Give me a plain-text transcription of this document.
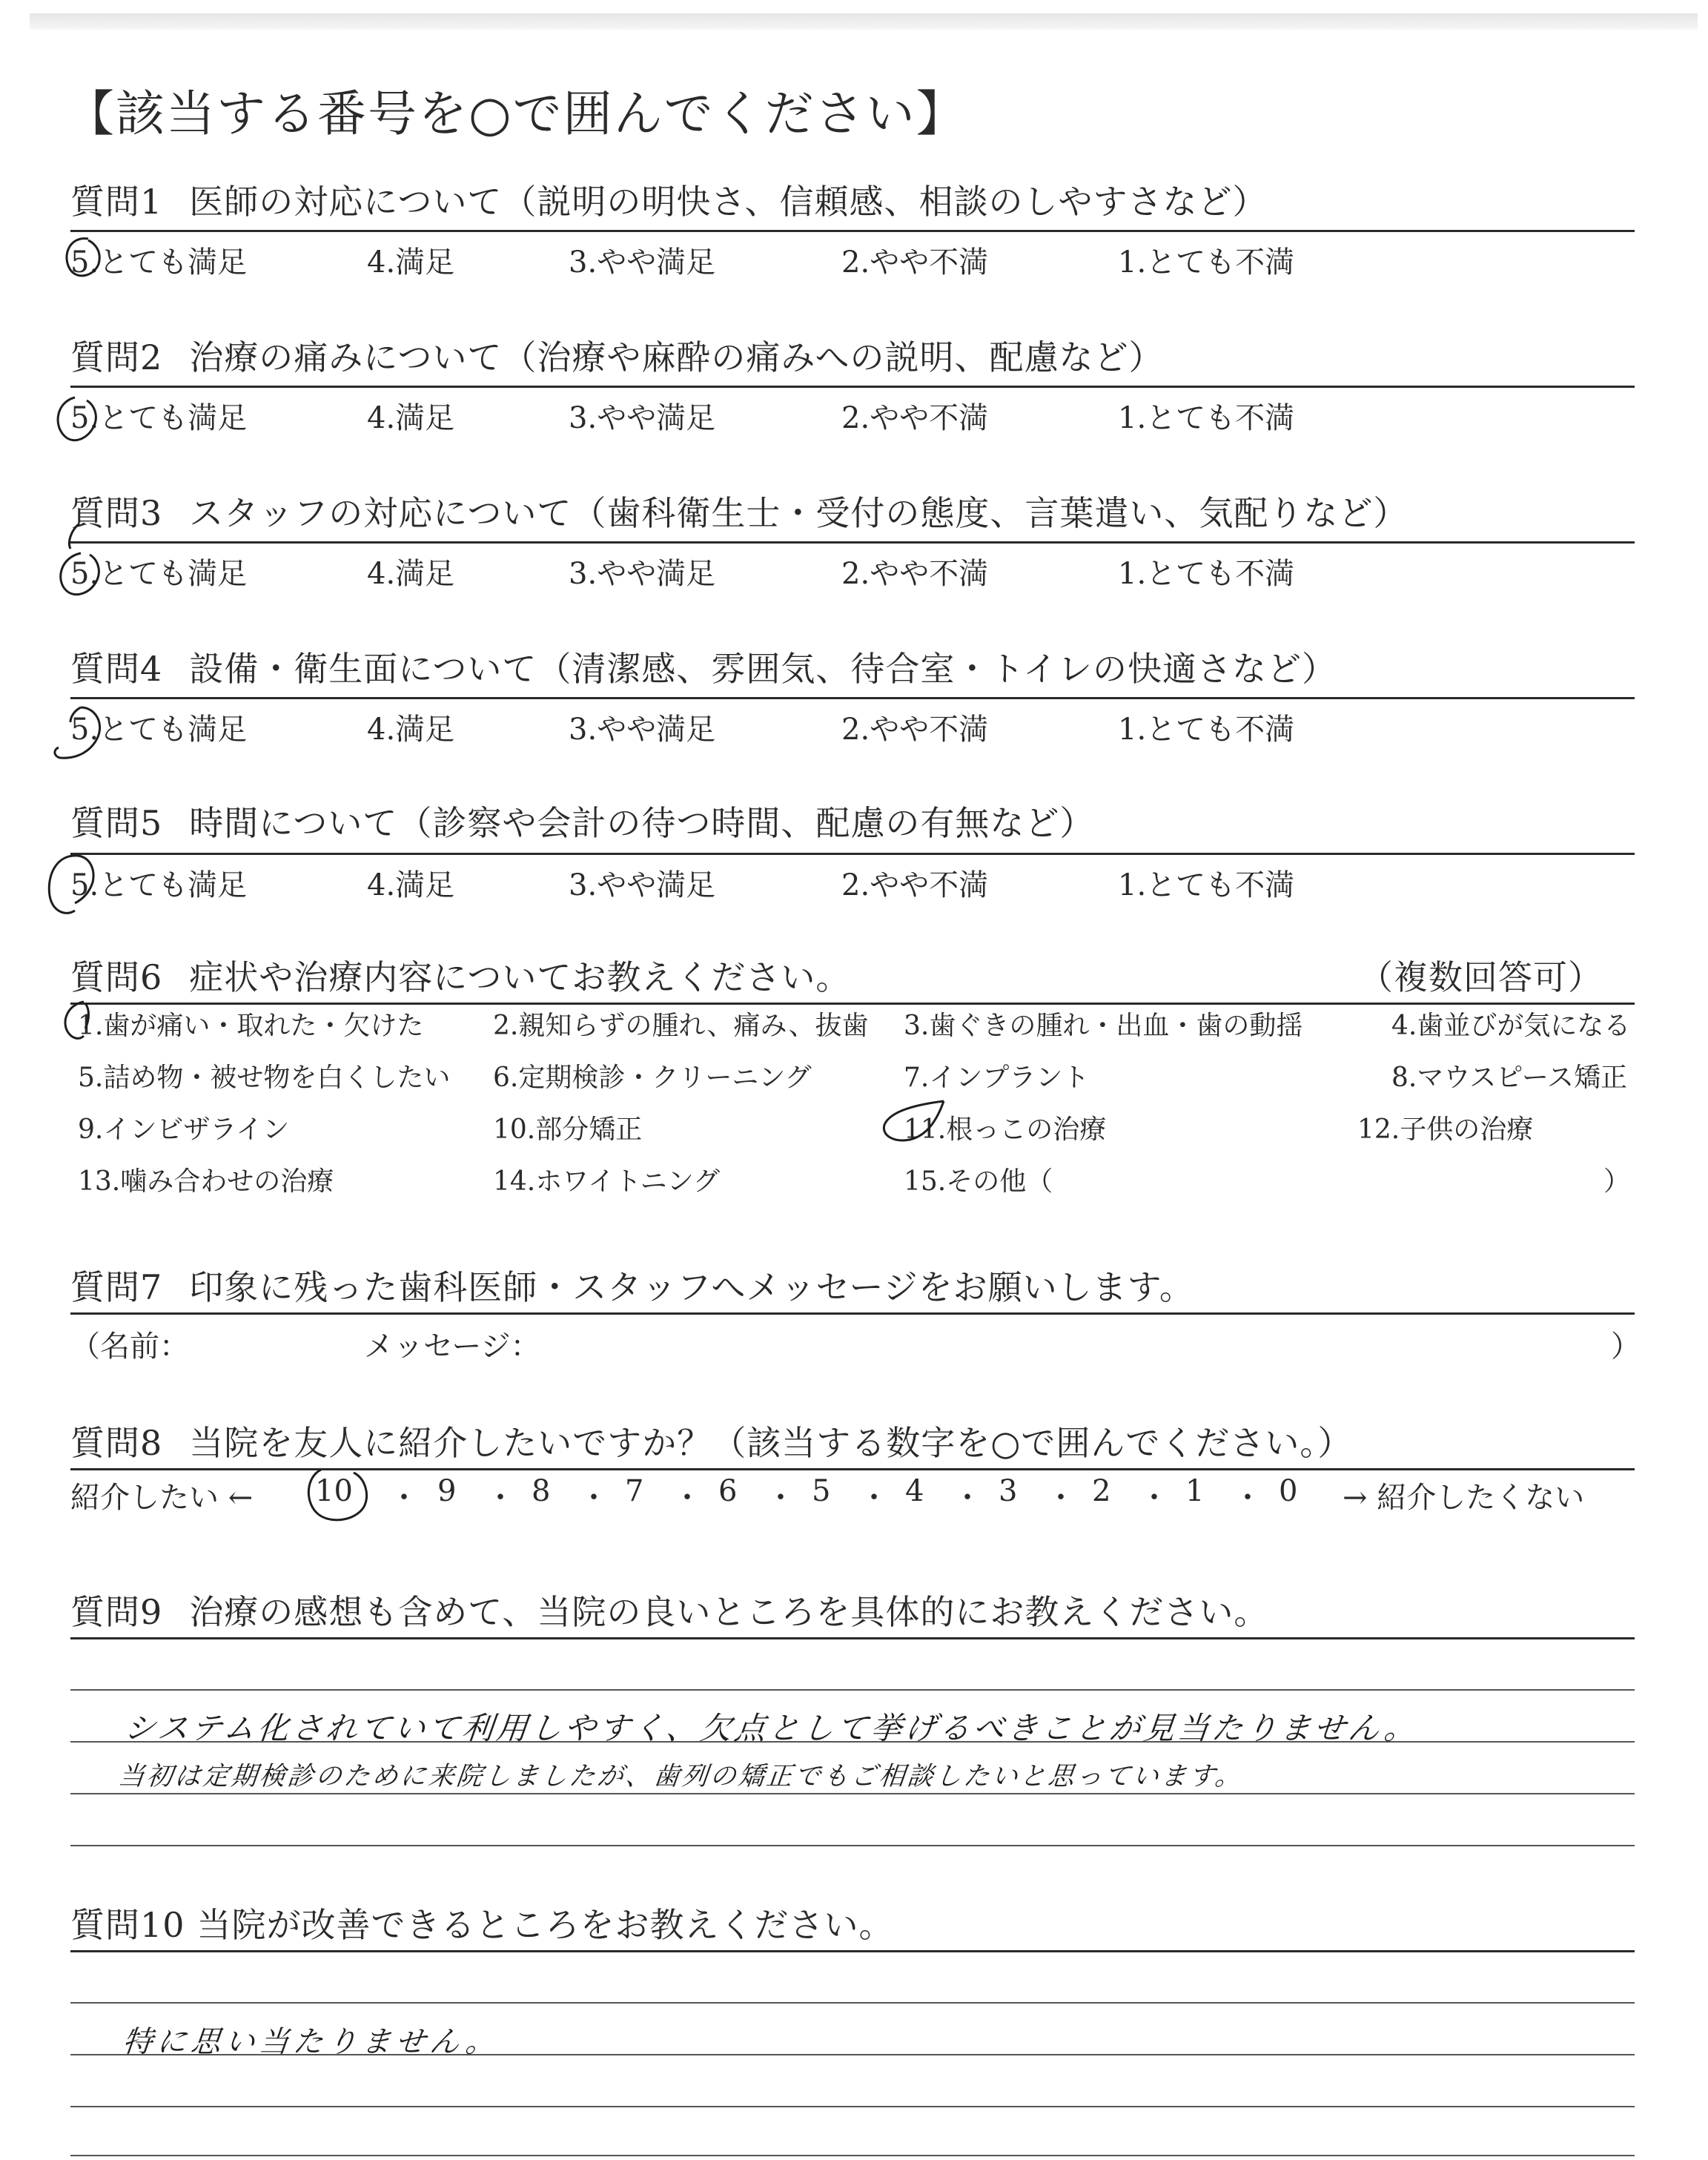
【該当する番号を○で囲んでください】
質問1 医師の対応について（説明の明快さ、信頼感、相談のしやすさなど）
5.とても満足	4.満足	3.やや満足	2.やや不満	1.とても不満
質問2 治療の痛みについて（治療や麻酔の痛みへの説明、配慮など）
5.とても満足	4.満足	3.やや満足	2.やや不満	1.とても不満
質問3 スタッフの対応について（歯科衛生士・受付の態度、言葉遣い、気配りなど）
5.とても満足	4.満足	3.やや満足	2.やや不満	1.とても不満
質問4 設備・衛生面について（清潔感、雰囲気、待合室・トイレの快適さなど）
5.とても満足	4.満足	3.やや満足	2.やや不満	1.とても不満
質問5 時間について（診察や会計の待つ時間、配慮の有無など）
5.とても満足	4.満足	3.やや満足	2.やや不満	1.とても不満
質問6 症状や治療内容についてお教えください。	（複数回答可）
1.歯が痛い・取れた・欠けた	2.親知らずの腫れ、痛み、抜歯 3.歯ぐきの腫れ・出血・歯の動揺	4.歯並びが気になる
5.詰め物・被せ物を白くしたい 6.定期検診・クリーニング	7.インプラント	8.マウスピース矯正
9.インビザライン	10.部分矯正	11.根っこの治療	12.子供の治療
13.噛み合わせの治療	14.ホワイトニング	15.その他（	）
質問7 印象に残った歯科医師・スタッフへメッセージをお願いします。
（名前：	メッセージ：	）
質問8 当院を友人に紹介したいですか？（該当する数字を○で囲んでください。）
紹介したい ← 10 ・ 9 ・ 8 ・ 7 ・ 6 ・ 5 ・ 4 ・ 3 ・ 2 ・ 1 ・ 0 → 紹介したくない
質問9 治療の感想も含めて、当院の良いところを具体的にお教えください。
システム化されていて利用しやすく、欠点として挙げるべきことが見当たりません。
当初は定期検診のために来院しましたが、歯列の矯正でもご相談したいと思っています。
質問10 当院が改善できるところをお教えください。
特に思い当たりません。
